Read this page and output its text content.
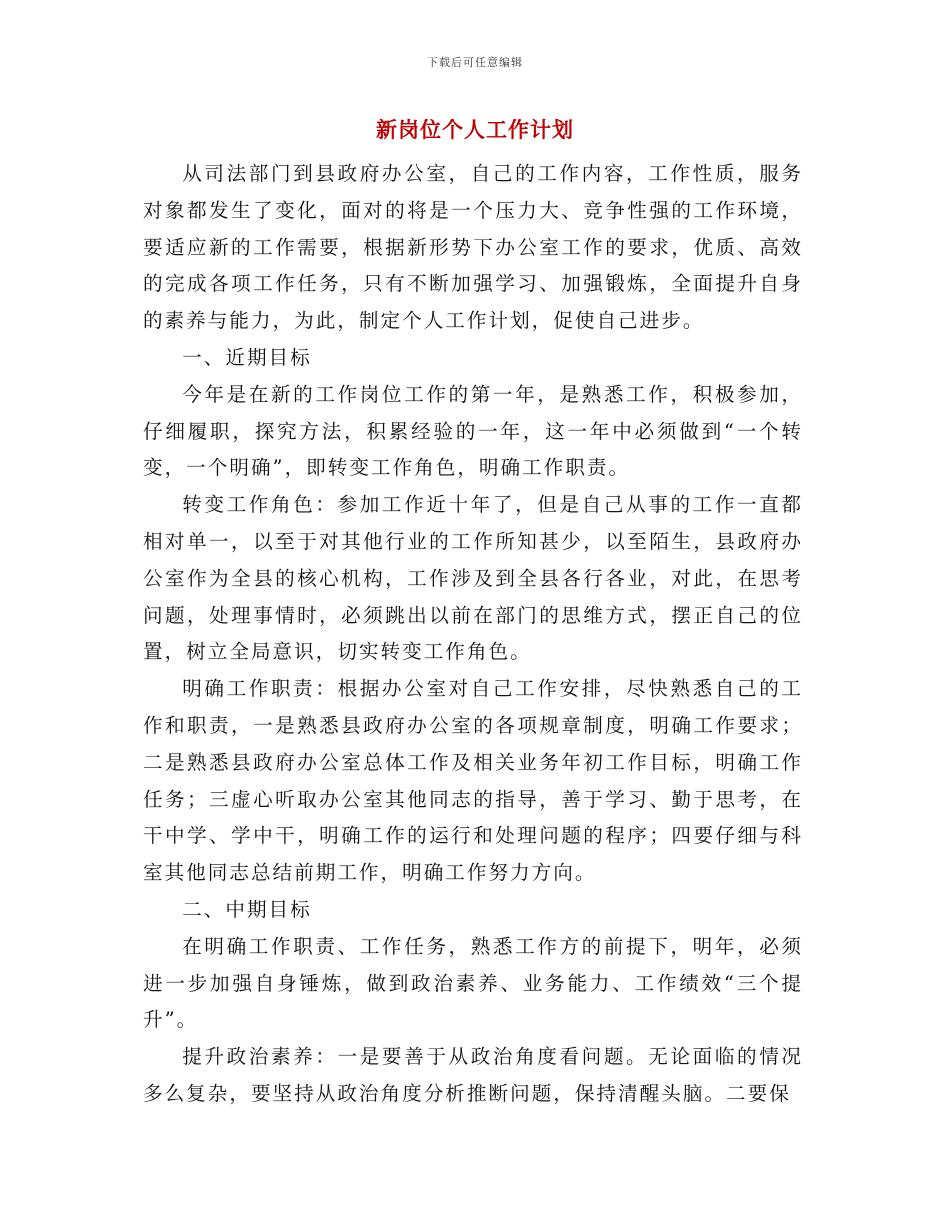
下载后可任意编辑
新岗位个人工作计划

从司法部门到县政府办公室，自己的工作内容，工作性质，服务对象都发生了变化，面对的将是一个压力大、竞争性强的工作环境，要适应新的工作需要，根据新形势下办公室工作的要求，优质、高效的完成各项工作任务，只有不断加强学习、加强锻炼，全面提升自身的素养与能力，为此，制定个人工作计划，促使自己进步。

一、近期目标

今年是在新的工作岗位工作的第一年，是熟悉工作，积极参加，仔细履职，探究方法，积累经验的一年，这一年中必须做到“一个转变，一个明确”，即转变工作角色，明确工作职责。

转变工作角色：参加工作近十年了，但是自己从事的工作一直都相对单一，以至于对其他行业的工作所知甚少，以至陌生，县政府办公室作为全县的核心机构，工作涉及到全县各行各业，对此，在思考问题，处理事情时，必须跳出以前在部门的思维方式，摆正自己的位置，树立全局意识，切实转变工作角色。

明确工作职责：根据办公室对自己工作安排，尽快熟悉自己的工作和职责，一是熟悉县政府办公室的各项规章制度，明确工作要求；二是熟悉县政府办公室总体工作及相关业务年初工作目标，明确工作任务；三虚心听取办公室其他同志的指导，善于学习、勤于思考，在干中学、学中干，明确工作的运行和处理问题的程序；四要仔细与科室其他同志总结前期工作，明确工作努力方向。

二、中期目标

在明确工作职责、工作任务，熟悉工作方的前提下，明年，必须进一步加强自身锤炼，做到政治素养、业务能力、工作绩效“三个提升”。

提升政治素养：一是要善于从政治角度看问题。无论面临的情况多么复杂，要坚持从政治角度分析推断问题，保持清醒头脑。二要保
